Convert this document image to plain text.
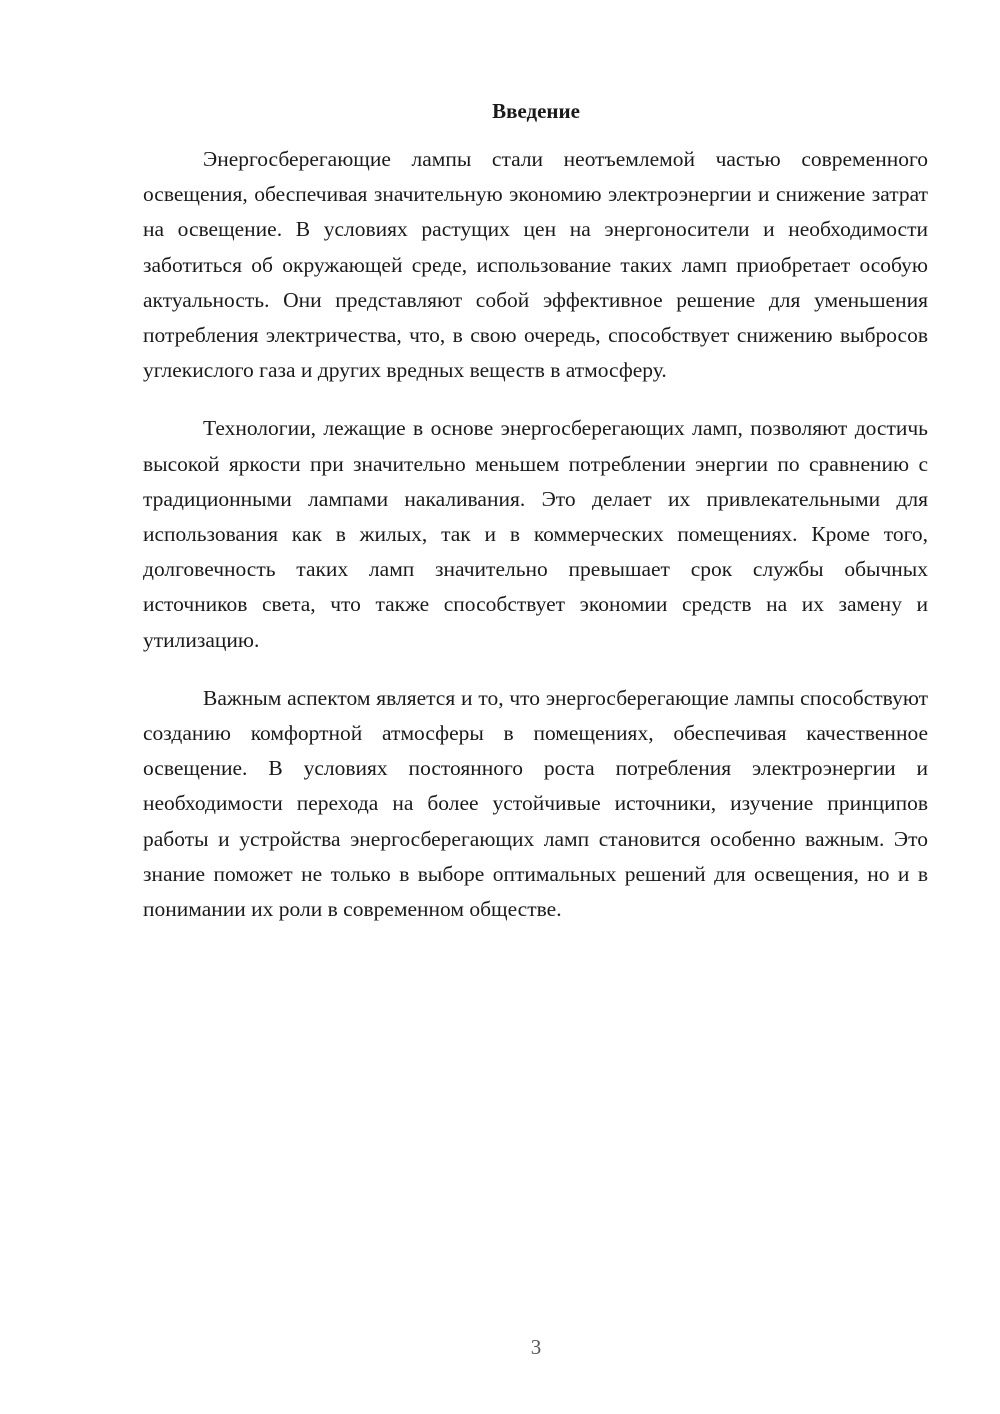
Введение

Энергосберегающие лампы стали неотъемлемой частью современного освещения, обеспечивая значительную экономию электроэнергии и снижение затрат на освещение. В условиях растущих цен на энергоносители и необходимости заботиться об окружающей среде, использование таких ламп приобретает особую актуальность. Они представляют собой эффективное решение для уменьшения потребления электричества, что, в свою очередь, способствует снижению выбросов углекислого газа и других вредных веществ в атмосферу.

Технологии, лежащие в основе энергосберегающих ламп, позволяют достичь высокой яркости при значительно меньшем потреблении энергии по сравнению с традиционными лампами накаливания. Это делает их привлекательными для использования как в жилых, так и в коммерческих помещениях. Кроме того, долговечность таких ламп значительно превышает срок службы обычных источников света, что также способствует экономии средств на их замену и утилизацию.

Важным аспектом является и то, что энергосберегающие лампы способствуют созданию комфортной атмосферы в помещениях, обеспечивая качественное освещение. В условиях постоянного роста потребления электроэнергии и необходимости перехода на более устойчивые источники, изучение принципов работы и устройства энергосберегающих ламп становится особенно важным. Это знание поможет не только в выборе оптимальных решений для освещения, но и в понимании их роли в современном обществе.

3
